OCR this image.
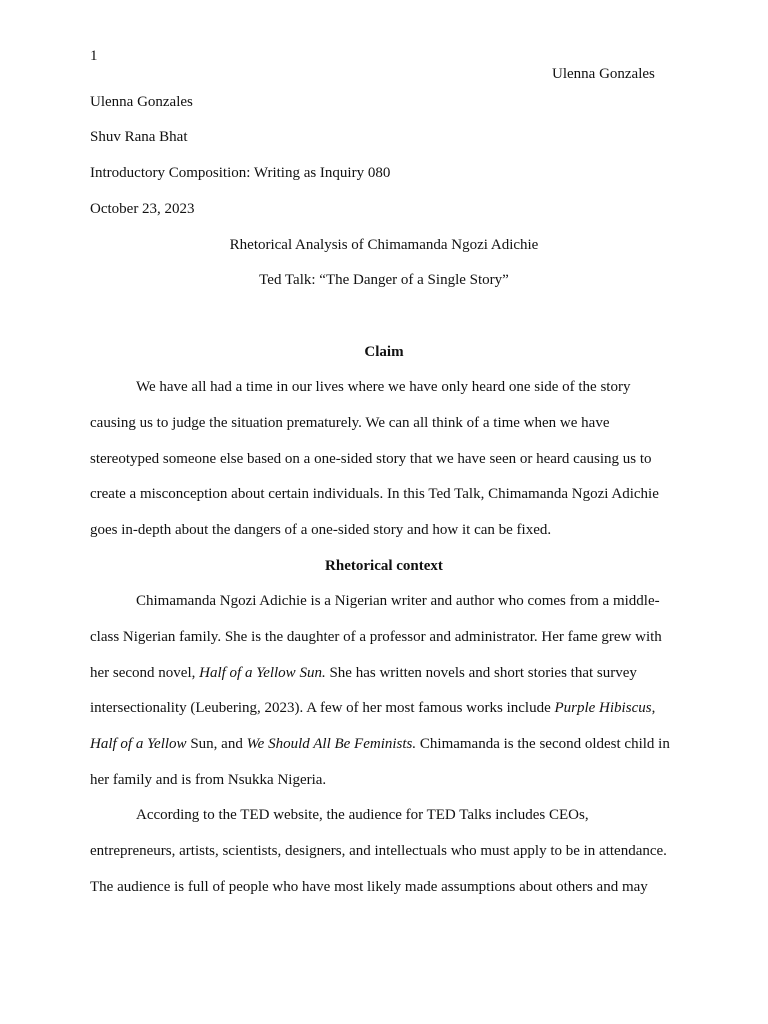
1
Ulenna Gonzales
Ulenna Gonzales
Shuv Rana Bhat
Introductory Composition: Writing as Inquiry 080
October 23, 2023
Rhetorical Analysis of Chimamanda Ngozi Adichie
Ted Talk: “The Danger of a Single Story”
Claim
We have all had a time in our lives where we have only heard one side of the story
causing us to judge the situation prematurely. We can all think of a time when we have
stereotyped someone else based on a one-sided story that we have seen or heard causing us to
create a misconception about certain individuals. In this Ted Talk, Chimamanda Ngozi Adichie
goes in-depth about the dangers of a one-sided story and how it can be fixed.
Rhetorical context
Chimamanda Ngozi Adichie is a Nigerian writer and author who comes from a middle-
class Nigerian family. She is the daughter of a professor and administrator. Her fame grew with
her second novel, Half of a Yellow Sun. She has written novels and short stories that survey
intersectionality (Leubering, 2023). A few of her most famous works include Purple Hibiscus,
Half of a Yellow Sun, and We Should All Be Feminists. Chimamanda is the second oldest child in
her family and is from Nsukka Nigeria.
According to the TED website, the audience for TED Talks includes CEOs,
entrepreneurs, artists, scientists, designers, and intellectuals who must apply to be in attendance.
The audience is full of people who have most likely made assumptions about others and may
